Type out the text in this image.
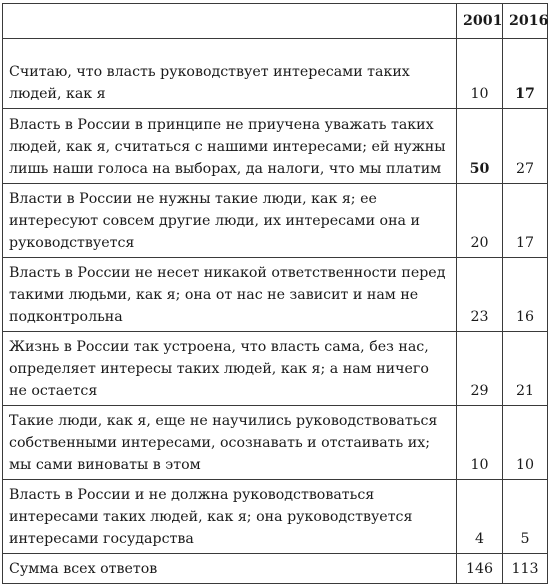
	2001	2016
Считаю, что власть руководствует интересами таких людей, как я	10	17
Власть в России в принципе не приучена уважать таких людей, как я, считаться с нашими интересами; ей нужны лишь наши голоса на выборах, да налоги, что мы платим	50	27
Власти в России не нужны такие люди, как я; ее интересуют совсем другие люди, их интересами она и руководствуется	20	17
Власть в России не несет никакой ответственности перед такими людьми, как я; она от нас не зависит и нам не подконтрольна	23	16
Жизнь в России так устроена, что власть сама, без нас, определяет интересы таких людей, как я; а нам ничего не остается	29	21
Такие люди, как я, еще не научились руководствоваться собственными интересами, осознавать и отстаивать их; мы сами виноваты в этом	10	10
Власть в России и не должна руководствоваться интересами таких людей, как я; она руководствуется интересами государства	4	5
Сумма всех ответов	146	113
